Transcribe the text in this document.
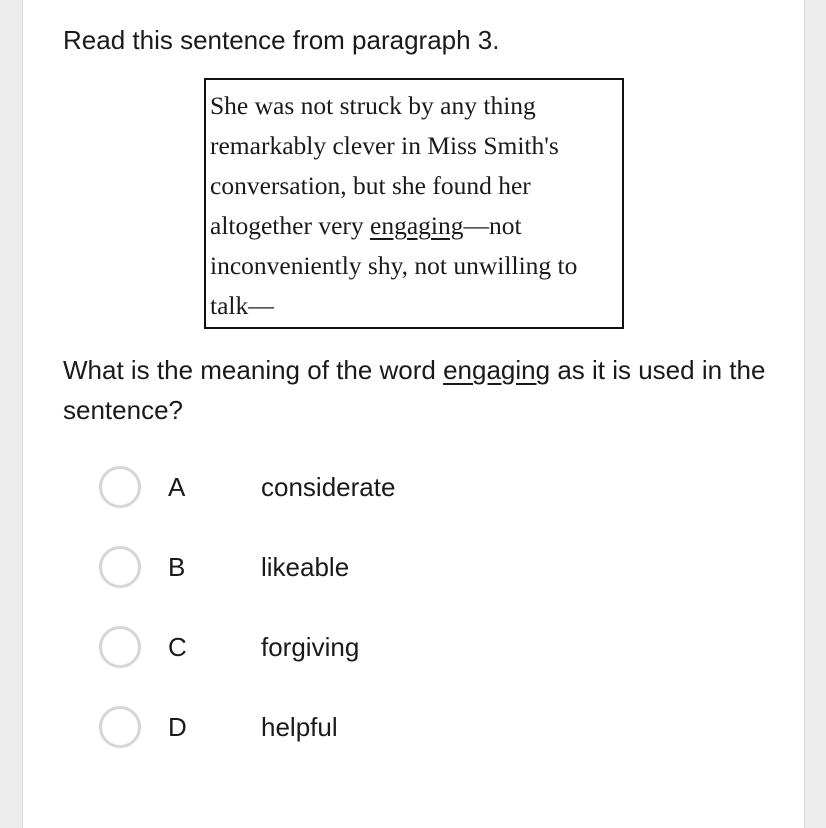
Read this sentence from paragraph 3.

She was not struck by any thing
remarkably clever in Miss Smith's
conversation, but she found her
altogether very engaging—not
inconveniently shy, not unwilling to
talk—

What is the meaning of the word engaging as it is used in the sentence?

A	considerate
B	likeable
C	forgiving
D	helpful
